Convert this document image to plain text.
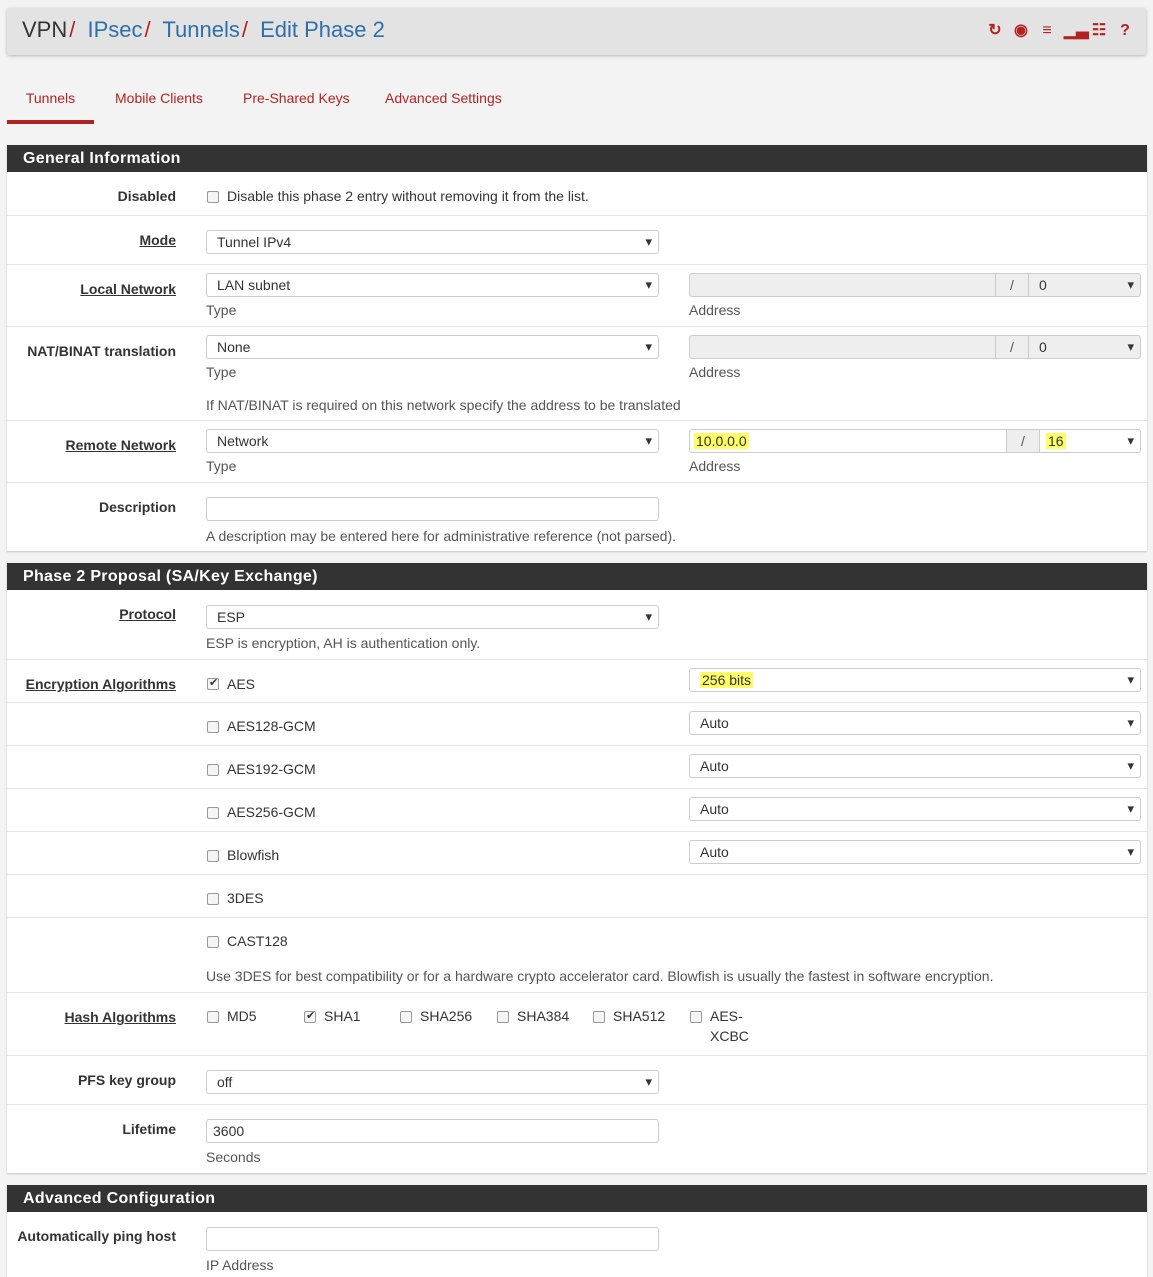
VPN/ IPsec/ Tunnels/ Edit Phase 2	↻ ◉ ≡ ▁▃ ☷ ?
Tunnels	Mobile Clients	Pre-Shared Keys	Advanced Settings
General Information
Disabled	Disable this phase 2 entry without removing it from the list.
Mode	Tunnel IPv4 ▾
Local Network	LAN subnet ▾
Type
/	0 ▾
Address
NAT/BINAT translation	None ▾
Type
/	0 ▾
Address
If NAT/BINAT is required on this network specify the address to be translated
Remote Network	Network ▾
Type
10.0.0.0	/	16 ▾
Address
Description
A description may be entered here for administrative reference (not parsed).
Phase 2 Proposal (SA/Key Exchange)
Protocol	ESP ▾
ESP is encryption, AH is authentication only.
Encryption Algorithms ✔	AES	256 bits ▾
AES128-GCM	Auto ▾
AES192-GCM	Auto ▾
AES256-GCM	Auto ▾
Blowfish	Auto ▾
3DES
CAST128
Use 3DES for best compatibility or for a hardware crypto accelerator card. Blowfish is usually the fastest in software encryption.
Hash Algorithms	MD5 ✔	SHA1	SHA256	SHA384	SHA512	AES-
XCBC
PFS key group	off ▾
Lifetime	3600
Seconds
Advanced Configuration
Automatically ping host
IP Address
